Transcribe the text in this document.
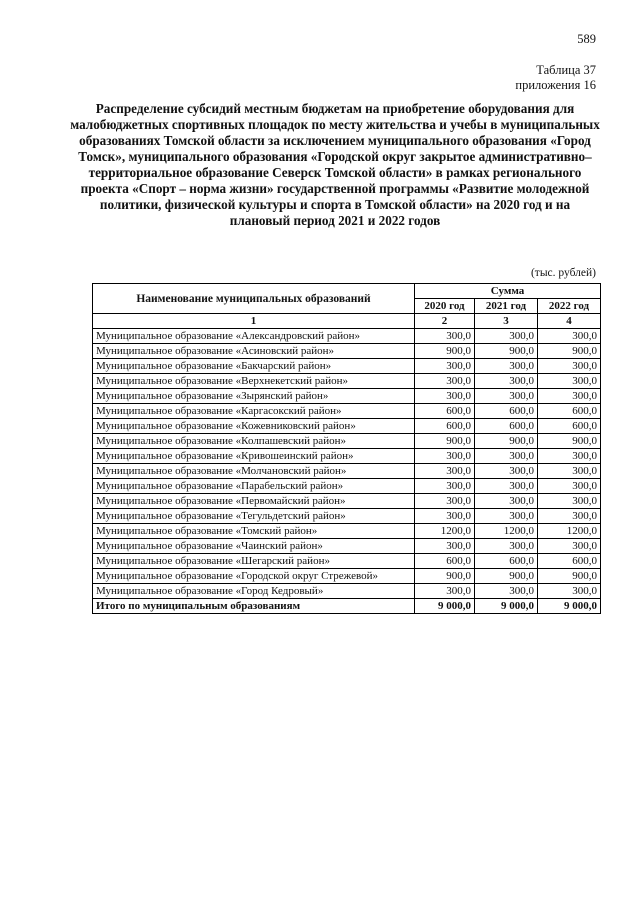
589
Таблица 37
приложения 16
Распределение субсидий местным бюджетам на приобретение оборудования для малобюджетных спортивных площадок по месту жительства и учебы в муниципальных образованиях Томской области за исключением муниципального образования «Город Томск», муниципального образования «Городской округ закрытое административно–территориальное образование Северск Томской области» в рамках регионального проекта «Спорт – норма жизни» государственной программы «Развитие молодежной политики, физической культуры и спорта в Томской области» на 2020 год и на плановый период 2021 и 2022 годов
(тыс. рублей)
Наименование муниципальных образований	Сумма		
	2020 год	2021 год	2022 год
1	2	3	4
Муниципальное образование «Александровский район»	300,0	300,0	300,0
Муниципальное образование «Асиновский район»	900,0	900,0	900,0
Муниципальное образование «Бакчарский район»	300,0	300,0	300,0
Муниципальное образование «Верхнекетский район»	300,0	300,0	300,0
Муниципальное образование «Зырянский район»	300,0	300,0	300,0
Муниципальное образование «Каргасокский район»	600,0	600,0	600,0
Муниципальное образование «Кожевниковский район»	600,0	600,0	600,0
Муниципальное образование «Колпашевский район»	900,0	900,0	900,0
Муниципальное образование «Кривошеинский район»	300,0	300,0	300,0
Муниципальное образование «Молчановский район»	300,0	300,0	300,0
Муниципальное образование «Парабельский район»	300,0	300,0	300,0
Муниципальное образование «Первомайский район»	300,0	300,0	300,0
Муниципальное образование «Тегульдетский район»	300,0	300,0	300,0
Муниципальное образование «Томский район»	1200,0	1200,0	1200,0
Муниципальное образование «Чаинский район»	300,0	300,0	300,0
Муниципальное образование «Шегарский район»	600,0	600,0	600,0
Муниципальное образование «Городской округ Стрежевой»	900,0	900,0	900,0
Муниципальное образование «Город Кедровый»	300,0	300,0	300,0
Итого по муниципальным образованиям	9 000,0	9 000,0	9 000,0
